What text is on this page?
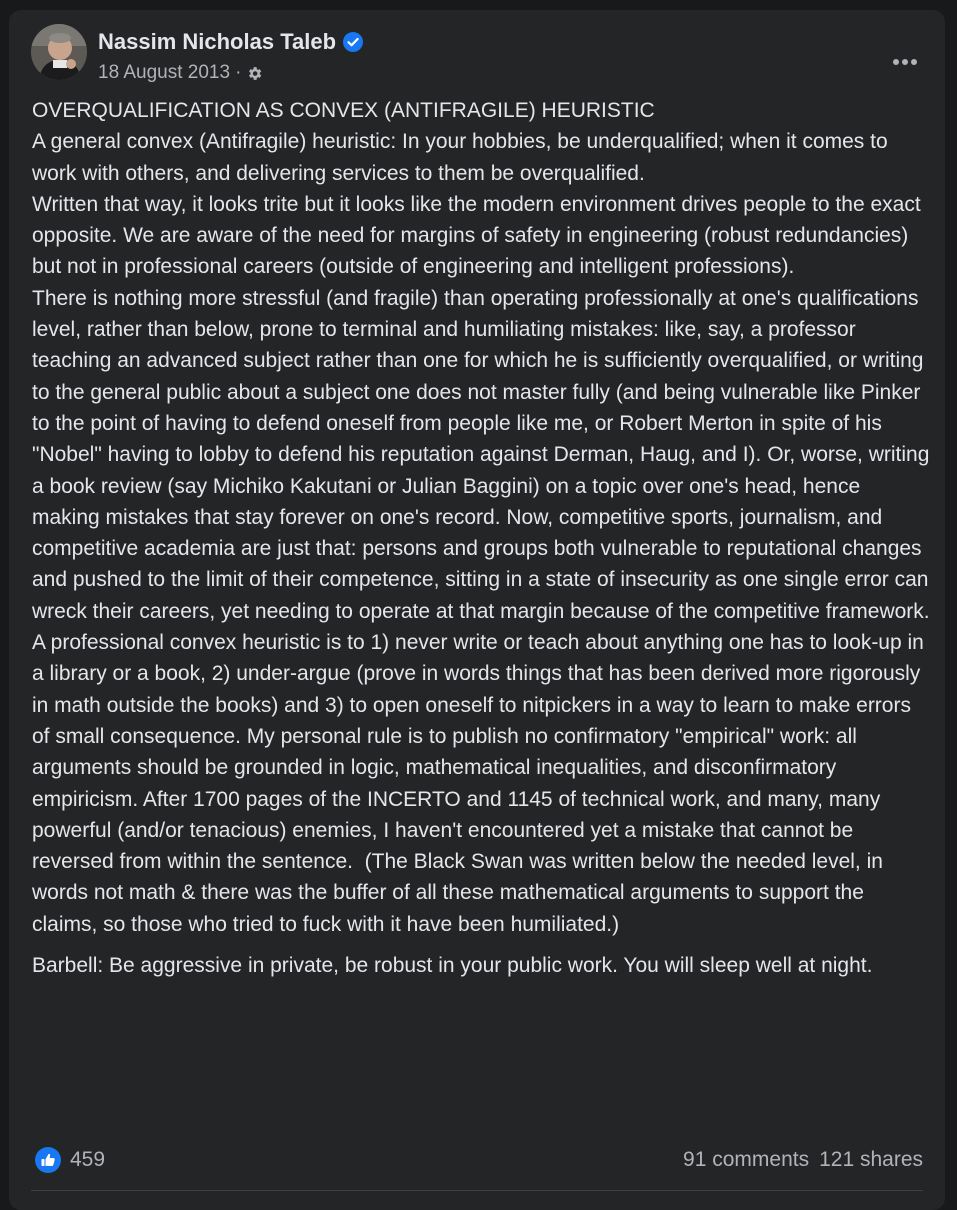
Nassim Nicholas Taleb
18 August 2013 ·

OVERQUALIFICATION AS CONVEX (ANTIFRAGILE) HEURISTIC
A general convex (Antifragile) heuristic: In your hobbies, be underqualified; when it comes to work with others, and delivering services to them be overqualified.
Written that way, it looks trite but it looks like the modern environment drives people to the exact opposite. We are aware of the need for margins of safety in engineering (robust redundancies) but not in professional careers (outside of engineering and intelligent professions).
There is nothing more stressful (and fragile) than operating professionally at one's qualifications level, rather than below, prone to terminal and humiliating mistakes: like, say, a professor teaching an advanced subject rather than one for which he is sufficiently overqualified, or writing to the general public about a subject one does not master fully (and being vulnerable like Pinker to the point of having to defend oneself from people like me, or Robert Merton in spite of his "Nobel" having to lobby to defend his reputation against Derman, Haug, and I). Or, worse, writing a book review (say Michiko Kakutani or Julian Baggini) on a topic over one's head, hence making mistakes that stay forever on one's record. Now, competitive sports, journalism, and competitive academia are just that: persons and groups both vulnerable to reputational changes and pushed to the limit of their competence, sitting in a state of insecurity as one single error can wreck their careers, yet needing to operate at that margin because of the competitive framework.
A professional convex heuristic is to 1) never write or teach about anything one has to look-up in a library or a book, 2) under-argue (prove in words things that has been derived more rigorously in math outside the books) and 3) to open oneself to nitpickers in a way to learn to make errors of small consequence. My personal rule is to publish no confirmatory "empirical" work: all arguments should be grounded in logic, mathematical inequalities, and disconfirmatory empiricism. After 1700 pages of the INCERTO and 1145 of technical work, and many, many powerful (and/or tenacious) enemies, I haven't encountered yet a mistake that cannot be reversed from within the sentence.  (The Black Swan was written below the needed level, in words not math & there was the buffer of all these mathematical arguments to support the claims, so those who tried to fuck with it have been humiliated.)

Barbell: Be aggressive in private, be robust in your public work. You will sleep well at night.

459	91 comments 121 shares
